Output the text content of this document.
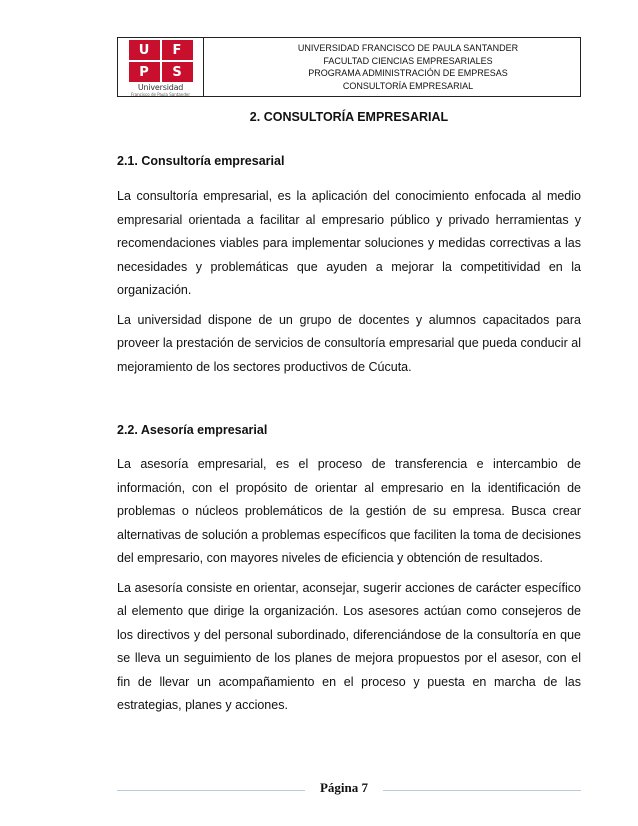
U	F
P	S
Universidad
Francisco de Paula Santander
UNIVERSIDAD FRANCISCO DE PAULA SANTANDER
FACULTAD CIENCIAS EMPRESARIALES
PROGRAMA ADMINISTRACIÓN DE EMPRESAS
CONSULTORÍA EMPRESARIAL
2. CONSULTORÍA EMPRESARIAL
2.1. Consultoría empresarial

La consultoría empresarial, es la aplicación del conocimiento enfocada al medio empresarial orientada a facilitar al empresario público y privado herramientas y recomendaciones viables para implementar soluciones y medidas correctivas a las necesidades y problemáticas que ayuden a mejorar la competitividad en la organización.

La universidad dispone de un grupo de docentes y alumnos capacitados para proveer la prestación de servicios de consultoría empresarial que pueda conducir al mejoramiento de los sectores productivos de Cúcuta.

2.2. Asesoría empresarial

La asesoría empresarial, es el proceso de transferencia e intercambio de información, con el propósito de orientar al empresario en la identificación de problemas o núcleos problemáticos de la gestión de su empresa. Busca crear alternativas de solución a problemas específicos que faciliten la toma de decisiones del empresario, con mayores niveles de eficiencia y obtención de resultados.

La asesoría consiste en orientar, aconsejar, sugerir acciones de carácter específico al elemento que dirige la organización. Los asesores actúan como consejeros de los directivos y del personal subordinado, diferenciándose de la consultoría en que se lleva un seguimiento de los planes de mejora propuestos por el asesor, con el fin de llevar un acompañamiento en el proceso y puesta en marcha de las estrategias, planes y acciones.

Página 7
